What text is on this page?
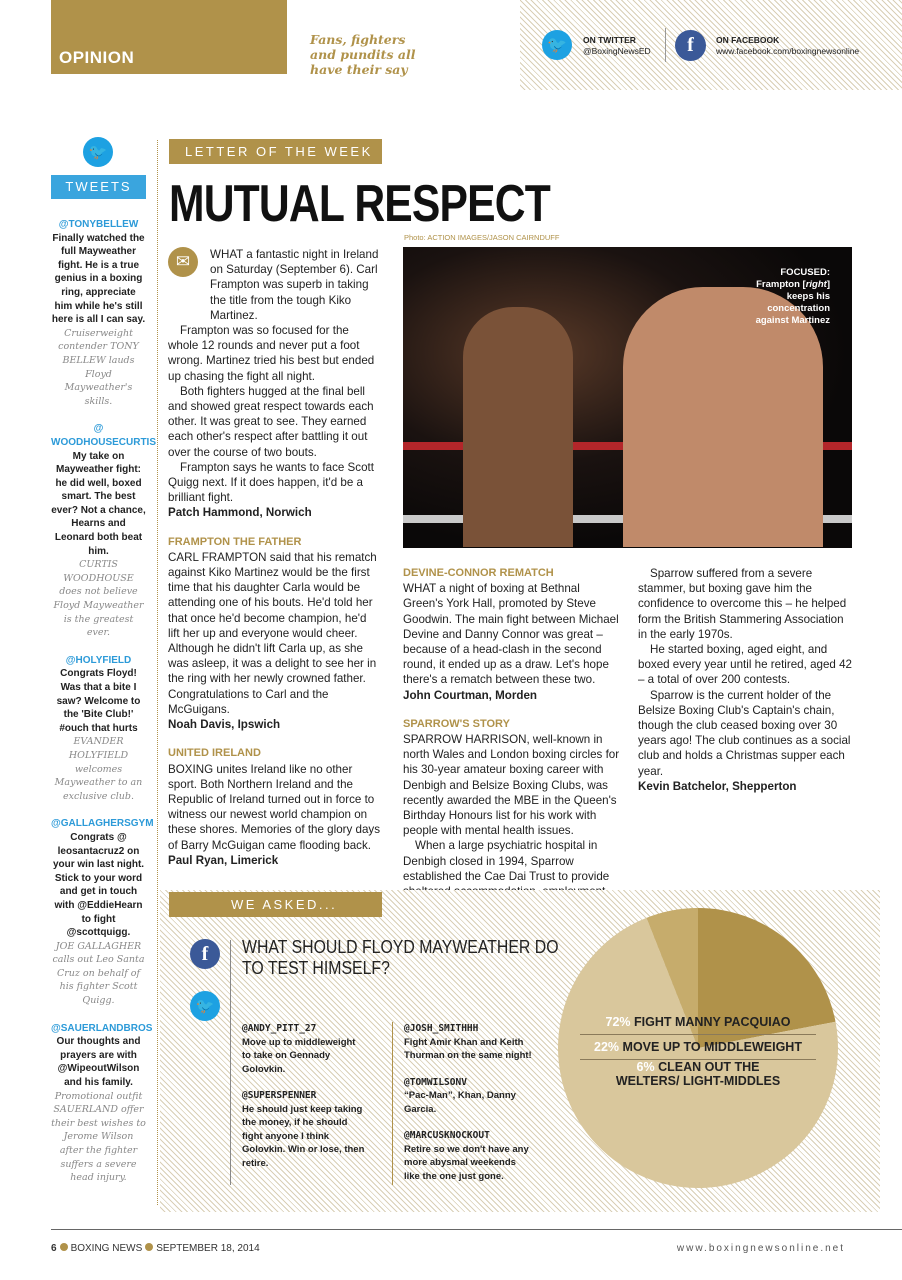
OPINION
Fans, fighters
and pundits all
have their say
🐦	ON TWITTER
@BoxingNewsED	f	ON FACEBOOK
www.facebook.com/boxingnewsonline
🐦
TWEETS
@TONYBELLEW
Finally watched the full Mayweather fight. He is a true genius in a boxing ring, appreciate him while he's still here is all I can say.
Cruiserweight contender TONY BELLEW lauds Floyd Mayweather's skills.
@ WOODHOUSECURTIS
My take on Mayweather fight: he did well, boxed smart. The best ever? Not a chance, Hearns and Leonard both beat him.
CURTIS WOODHOUSE does not believe Floyd Mayweather is the greatest ever.
@HOLYFIELD
Congrats Floyd! Was that a bite I saw? Welcome to the 'Bite Club!' #ouch that hurts
EVANDER HOLYFIELD welcomes Mayweather to an exclusive club.
@GALLAGHERSGYM
Congrats @ leosantacruz2 on your win last night. Stick to your word and get in touch with @EddieHearn to fight @scottquigg.
JOE GALLAGHER calls out Leo Santa Cruz on behalf of his fighter Scott Quigg.
@SAUERLANDBROS
Our thoughts and prayers are with @WipeoutWilson and his family.
Promotional outfit SAUERLAND offer their best wishes to Jerome Wilson after the fighter suffers a severe head injury.
LETTER OF THE WEEK
MUTUAL RESPECT
✉	WHAT a fantastic night in Ireland on Saturday (September 6). Carl Frampton was superb in taking the title from the tough Kiko Martinez.

Frampton was so focused for the whole 12 rounds and never put a foot wrong. Martinez tried his best but ended up chasing the fight all night.

Both fighters hugged at the final bell and showed great respect towards each other. It was great to see. They earned each other's respect after battling it out over the course of two bouts.

Frampton says he wants to face Scott Quigg next. If it does happen, it'd be a brilliant fight.

Patch Hammond, Norwich

FRAMPTON THE FATHER

CARL FRAMPTON said that his rematch against Kiko Martinez would be the first time that his daughter Carla would be attending one of his bouts. He'd told her that once he'd become champion, he'd lift her up and everyone would cheer. Although he didn't lift Carla up, as she was asleep, it was a delight to see her in the ring with her newly crowned father. Congratulations to Carl and the McGuigans.

Noah Davis, Ipswich

UNITED IRELAND

BOXING unites Ireland like no other sport. Both Northern Ireland and the Republic of Ireland turned out in force to witness our newest world champion on these shores. Memories of the glory days of Barry McGuigan came flooding back.

Paul Ryan, Limerick

Photo: ACTION IMAGES/JASON CAIRNDUFF
FOCUSED:
Frampton [right]
keeps his
concentration
against Martinez

DEVINE-CONNOR REMATCH

WHAT a night of boxing at Bethnal Green's York Hall, promoted by Steve Goodwin. The main fight between Michael Devine and Danny Connor was great – because of a head-clash in the second round, it ended up as a draw. Let's hope there's a rematch between these two.

John Courtman, Morden

SPARROW'S STORY

SPARROW HARRISON, well-known in north Wales and London boxing circles for his 30-year amateur boxing career with Denbigh and Belsize Boxing Clubs, was recently awarded the MBE in the Queen's Birthday Honours list for his work with people with mental health issues.

When a large psychiatric hospital in Denbigh closed in 1994, Sparrow established the Cae Dai Trust to provide

Sparrow suffered from a severe stammer, but boxing gave him the confidence to overcome this – he helped form the British Stammering Association in the early 1970s.

He started boxing, aged eight, and boxed every year until he retired, aged 42 – a total of over 200 contests.

Sparrow is the current holder of the Belsize Boxing Club's Captain's chain, though the club ceased boxing over 30 years ago! The club continues as a social club and holds a Christmas supper each year.

Kevin Batchelor, Shepperton

WE ASKED...
f
🐦
WHAT SHOULD FLOYD MAYWEATHER DO TO TEST HIMSELF?
@ANDY_PITT_27
Move up to middleweight to take on Gennady Golovkin.
@SUPERSPENNER
He should just keep taking the money, if he should fight anyone I think Golovkin. Win or lose, then retire.
@JOSH_SMITHHH
Fight Amir Khan and Keith Thurman on the same night!
@TOMWILSONV
“Pac-Man”, Khan, Danny Garcia.
@MARCUSKNOCKOUT
Retire so we don't have any more abysmal weekends like the one just gone.
72% FIGHT MANNY PACQUIAO
22% MOVE UP TO MIDDLEWEIGHT
6% CLEAN OUT THE WELTERS/ LIGHT-MIDDLES
6 BOXING NEWS SEPTEMBER 18, 2014	www.boxingnewsonline.net
